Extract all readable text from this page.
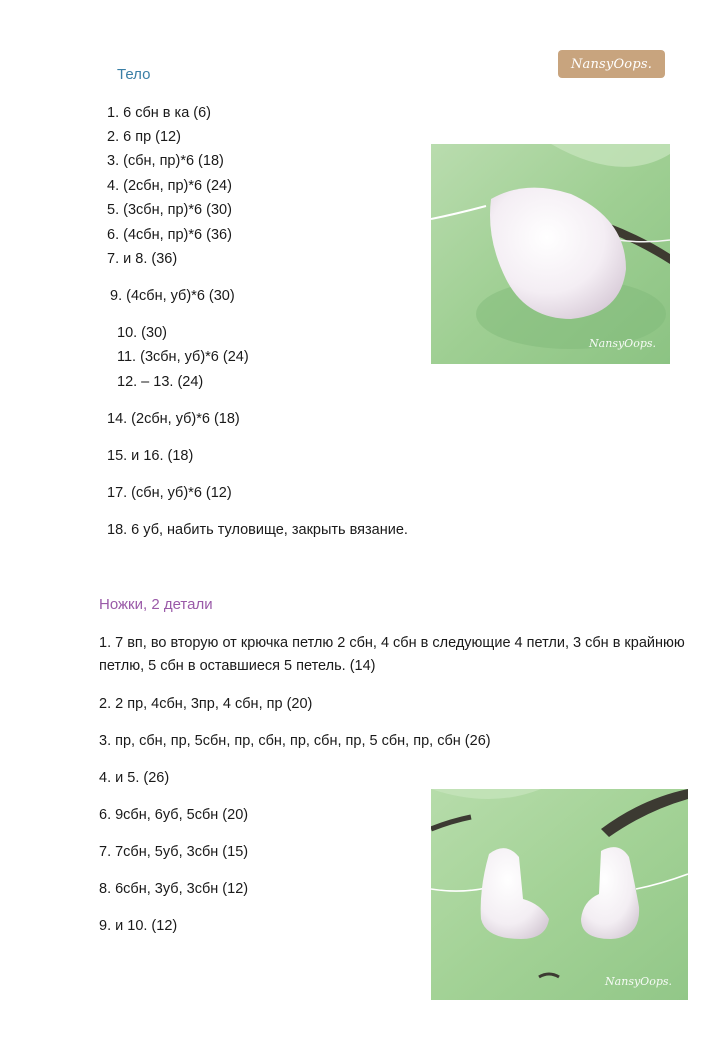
NansyOops.
Тело
1. 6 сбн в ка (6)
2. 6 пр (12)
3. (сбн, пр)*6 (18)
4. (2сбн, пр)*6 (24)
5. (3сбн, пр)*6 (30)
6. (4сбн, пр)*6 (36)
7. и 8. (36)
9. (4сбн, уб)*6 (30)
10. (30)
11. (3сбн, уб)*6 (24)
12. – 13. (24)
14. (2сбн, уб)*6 (18)
15. и 16. (18)
17. (сбн, уб)*6 (12)
18. 6 уб, набить туловище, закрыть вязание.
NansyOops.
Ножки, 2 детали
1. 7 вп, во вторую от крючка петлю 2 сбн, 4 сбн в следующие 4 петли, 3 сбн в крайнюю петлю, 5 сбн в оставшиеся 5 петель. (14)
2. 2 пр, 4сбн, 3пр, 4 сбн, пр (20)
3. пр, сбн, пр, 5сбн, пр, сбн, пр, сбн, пр, 5 сбн, пр, сбн (26)
4. и 5. (26)
6. 9сбн, 6уб, 5сбн (20)
7. 7сбн, 5уб, 3сбн (15)
8. 6сбн, 3уб, 3сбн (12)
9. и 10. (12)
NansyOops.
